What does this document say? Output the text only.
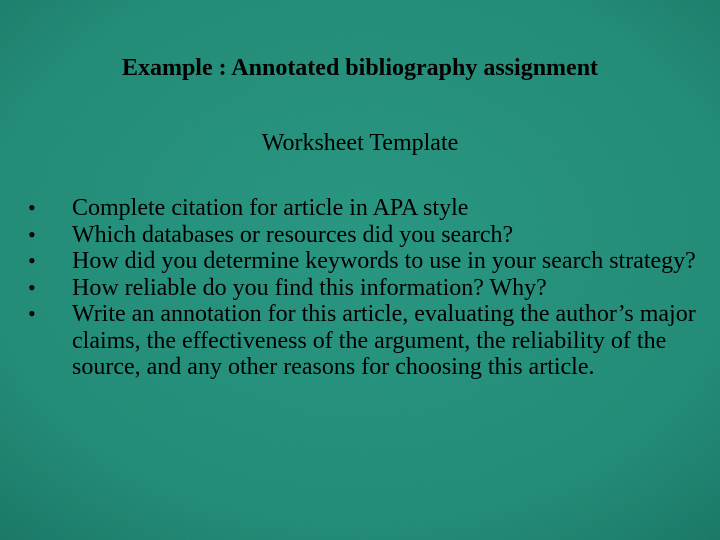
Example : Annotated bibliography assignment
Worksheet Template
• Complete citation for article in APA style
• Which databases or resources did you search?
• How did you determine keywords to use in your search strategy?
• How reliable do you find this information? Why?
• Write an annotation for this article, evaluating the author’s major claims, the effectiveness of the argument, the reliability of the source, and any other reasons for choosing this article.
